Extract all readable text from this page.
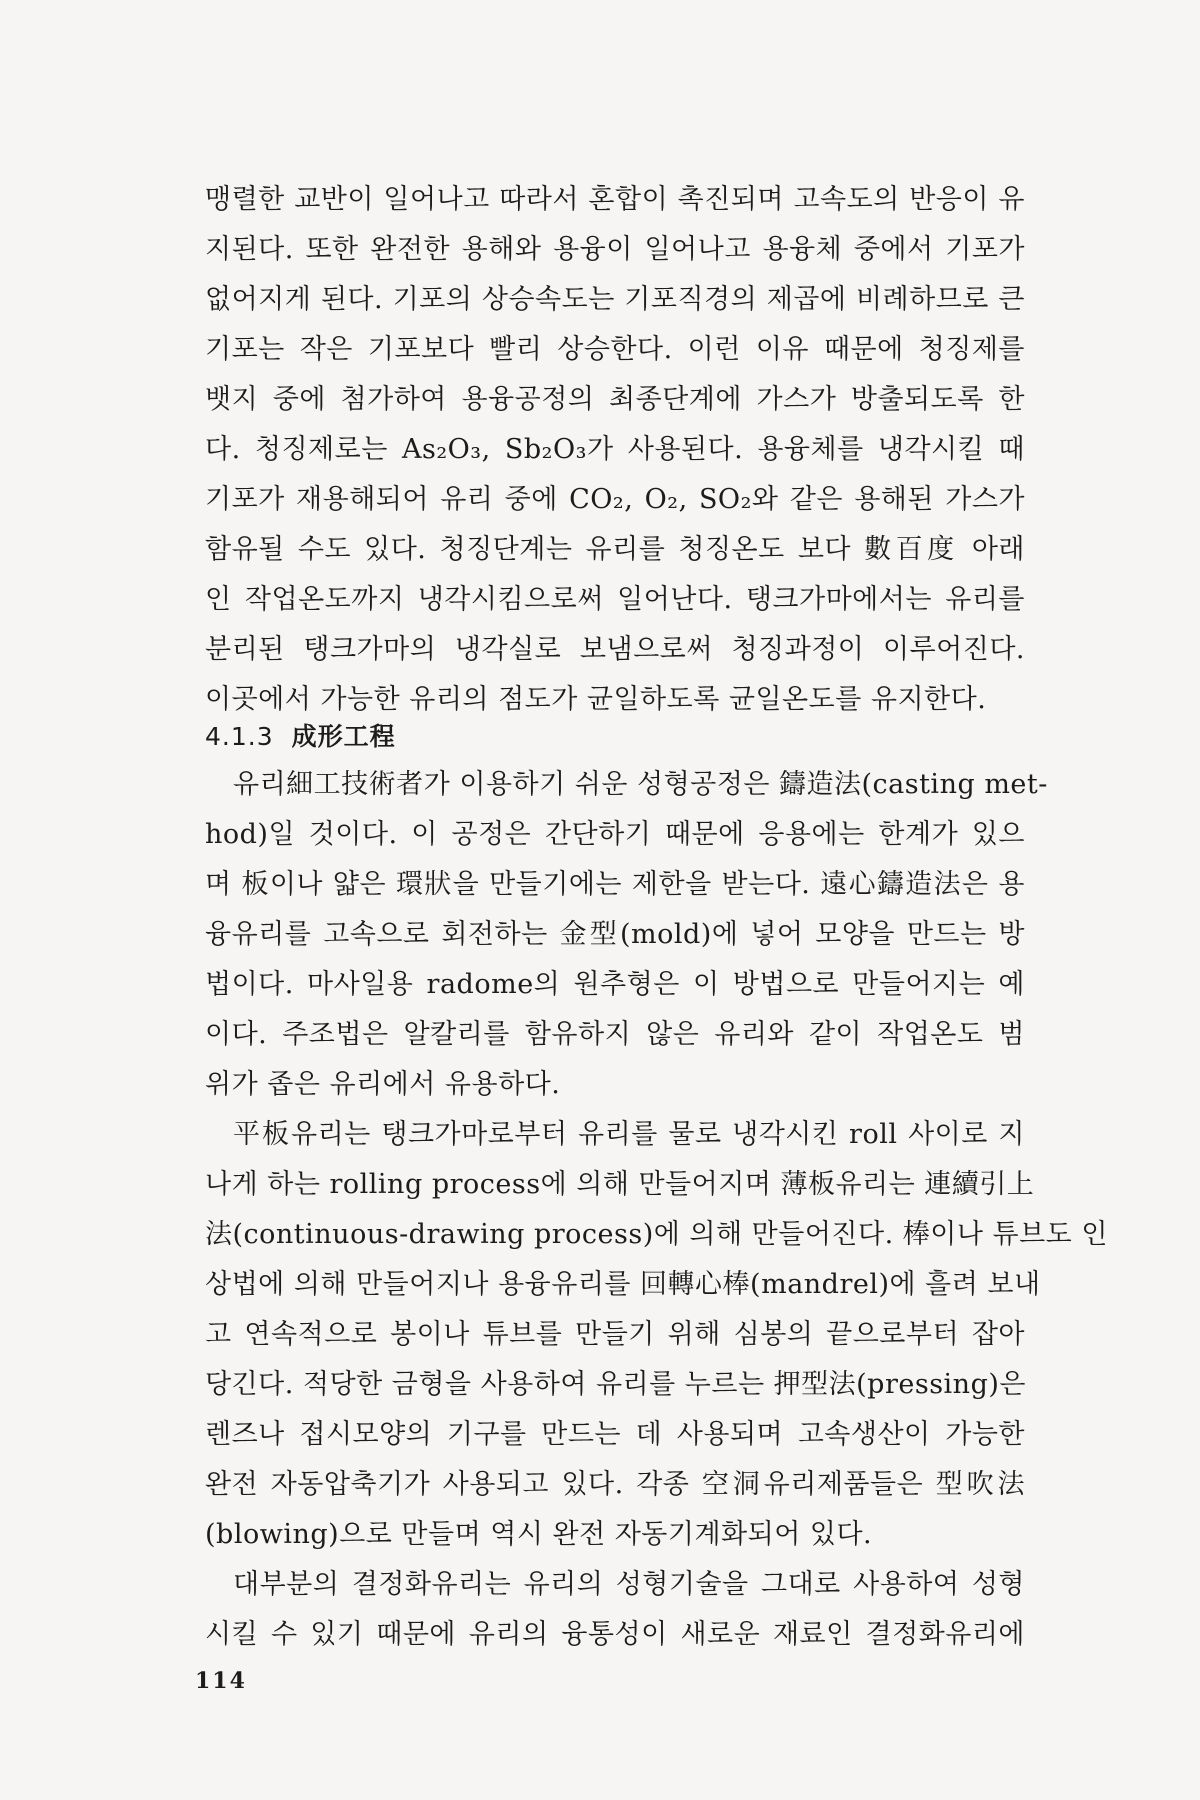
맹렬한 교반이 일어나고 따라서 혼합이 촉진되며 고속도의 반응이 유
지된다. 또한 완전한 용해와 용융이 일어나고 용융체 중에서 기포가
없어지게 된다. 기포의 상승속도는 기포직경의 제곱에 비례하므로 큰
기포는 작은 기포보다 빨리 상승한다. 이런 이유 때문에 청징제를
뱃지 중에 첨가하여 용융공정의 최종단계에 가스가 방출되도록 한
다. 청징제로는 As₂O₃, Sb₂O₃가 사용된다. 용융체를 냉각시킬 때
기포가 재용해되어 유리 중에 CO₂, O₂, SO₂와 같은 용해된 가스가
함유될 수도 있다. 청징단계는 유리를 청징온도 보다 數百度 아래
인 작업온도까지 냉각시킴으로써 일어난다. 탱크가마에서는 유리를
분리된 탱크가마의 냉각실로 보냄으로써 청징과정이 이루어진다.
이곳에서 가능한 유리의 점도가 균일하도록 균일온도를 유지한다.
4.1.3 成形工程
유리細工技術者가 이용하기 쉬운 성형공정은 鑄造法(casting met-
hod)일 것이다. 이 공정은 간단하기 때문에 응용에는 한계가 있으
며 板이나 얇은 環狀을 만들기에는 제한을 받는다. 遠心鑄造法은 용
융유리를 고속으로 회전하는 金型(mold)에 넣어 모양을 만드는 방
법이다. 마사일용 radome의 원추형은 이 방법으로 만들어지는 예
이다. 주조법은 알칼리를 함유하지 않은 유리와 같이 작업온도 범
위가 좁은 유리에서 유용하다.
平板유리는 탱크가마로부터 유리를 물로 냉각시킨 roll 사이로 지
나게 하는 rolling process에 의해 만들어지며 薄板유리는 連續引上
法(continuous-drawing process)에 의해 만들어진다. 棒이나 튜브도 인
상법에 의해 만들어지나 용융유리를 回轉心棒(mandrel)에 흘려 보내
고 연속적으로 봉이나 튜브를 만들기 위해 심봉의 끝으로부터 잡아
당긴다. 적당한 금형을 사용하여 유리를 누르는 押型法(pressing)은
렌즈나 접시모양의 기구를 만드는 데 사용되며 고속생산이 가능한
완전 자동압축기가 사용되고 있다. 각종 空洞유리제품들은 型吹法
(blowing)으로 만들며 역시 완전 자동기계화되어 있다.
대부분의 결정화유리는 유리의 성형기술을 그대로 사용하여 성형
시킬 수 있기 때문에 유리의 융통성이 새로운 재료인 결정화유리에
114
